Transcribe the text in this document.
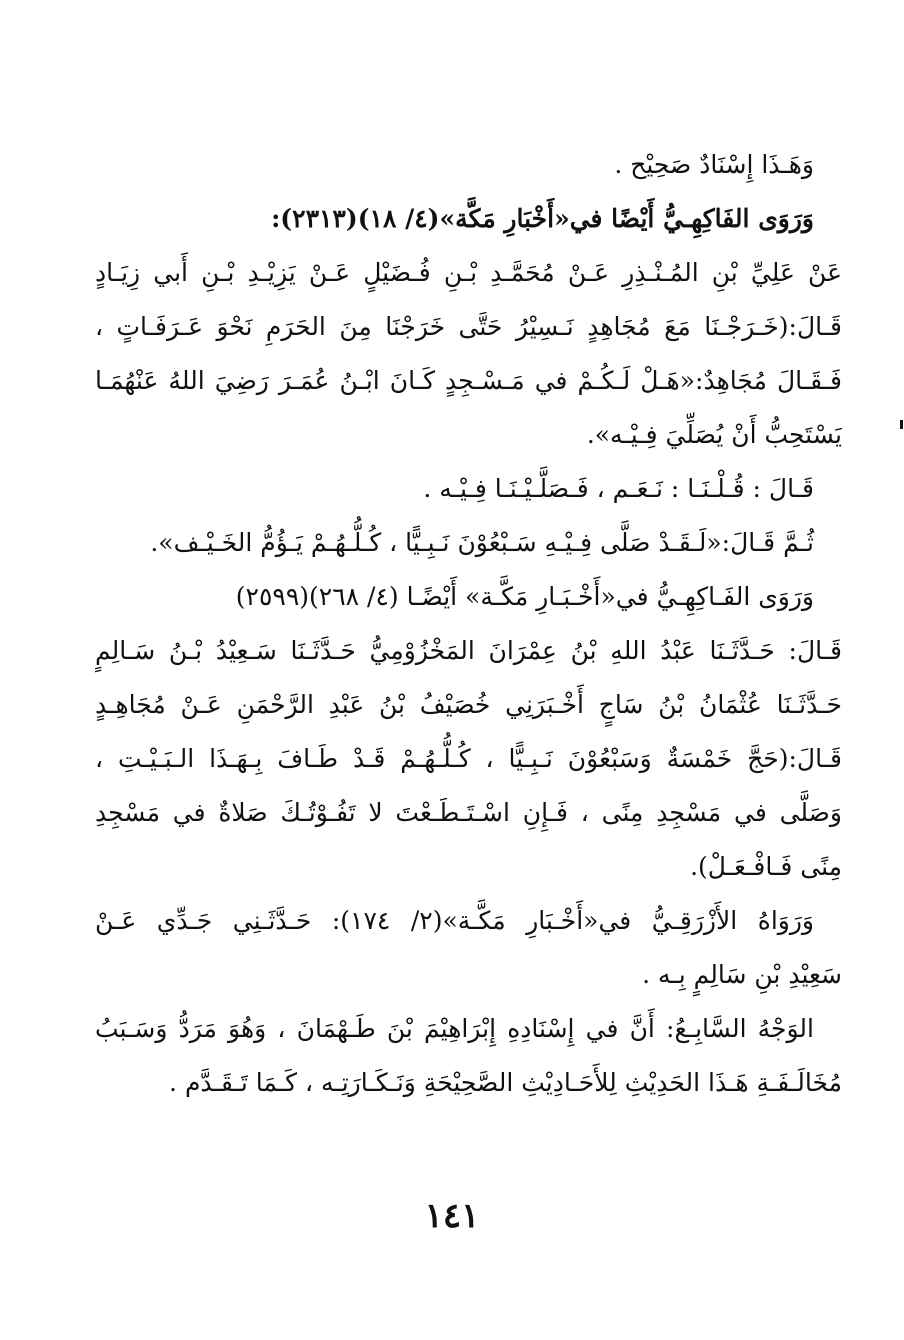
وَهَـذَا إِسْنَادٌ صَحِيْح .
وَرَوَى الفَاكِهِـيُّ أَيْضًا في«أَخْبَارِ مَكَّة»(٤/ ١٨)(٢٣١٣):
عَنْ عَلِيِّ بْنِ المُـنْـذِرِ عَـنْ مُحَمَّـدِ بْـنِ فُـضَيْلٍ عَـنْ يَزِيْـدِ بْـنِ أَبي زِيَـادٍ
قَـالَ:(خَـرَجْـنَا مَعَ مُجَاهِدٍ نَـسِيْرُ حَتَّى خَرَجْنَا مِنَ الحَرَمِ نَحْوَ عَـرَفَـاتٍ ،
فَـقَـالَ مُجَاهِدٌ:«هَـلْ لَـكُـمْ في مَـسْـجِدٍ كَـانَ ابْـنُ عُمَـرَ رَضِيَ اللهُ عَنْهُمَـا
يَسْتَحِبُّ أَنْ يُصَلِّيَ فِـيْـه».
قَـالَ : قُـلْـنَـا : نَـعَـم ، فَـصَلَّـيْـنَـا فِـيْـه .
ثُـمَّ قَـالَ:«لَـقَـدْ صَلَّى فِـيْـهِ سَـبْعُوْنَ نَـبِـيًّا ، كُـلُّـهُـمْ يَـؤُمُّ الخَـيْـف».
وَرَوَى الفَـاكِهِـيُّ في«أَخْـبَـارِ مَكَّـة» أَيْضًـا (٤/ ٢٦٨)(٢٥٩٩)
قَـالَ: حَـدَّثَـنَا عَبْدُ اللهِ بْنُ عِمْرَانَ المَخْزُوْمِيُّ حَـدَّثَـنَا سَـعِيْدُ بْـنُ سَـالِمٍ
حَـدَّثَـنَا عُثْمَانُ بْنُ سَاجٍ أَخْـبَرَنِي خُصَيْفُ بْنُ عَبْدِ الرَّحْمَنِ عَـنْ مُجَاهِـدٍ
قَـالَ:(حَجَّ خَمْسَةٌ وَسَبْعُوْنَ نَـبِـيًّا ، كُـلُّـهُـمْ قَـدْ طَـافَ بِـهَـذَا الـبَـيْـتِ ،
وَصَلَّى في مَسْجِدِ مِنًى ، فَـإِنِ اسْـتَـطَـعْتَ لا تَفُـوْتُـكَ صَلاةٌ في مَسْجِدِ
مِنًى فَـافْـعَـلْ).
وَرَوَاهُ الأَزْرَقِـيُّ في«أَخْـبَارِ مَكَّـة»(٢/ ١٧٤): حَـدَّثَـنِي جَـدِّي عَـنْ
سَعِيْدِ بْنِ سَالِمٍ بِـه .
الوَجْهُ السَّابِـعُ: أَنَّ في إِسْنَادِهِ إِبْرَاهِيْمَ بْنَ طَـهْمَانَ ، وَهُوَ مَرَدُّ وَسَـبَبُ
مُخَالَـفَـةِ هَـذَا الحَدِيْثِ لِلأَحَـادِيْثِ الصَّحِيْحَةِ وَنَـكَـارَتِـه ، كَـمَا تَـقَـدَّم .
١٤١
